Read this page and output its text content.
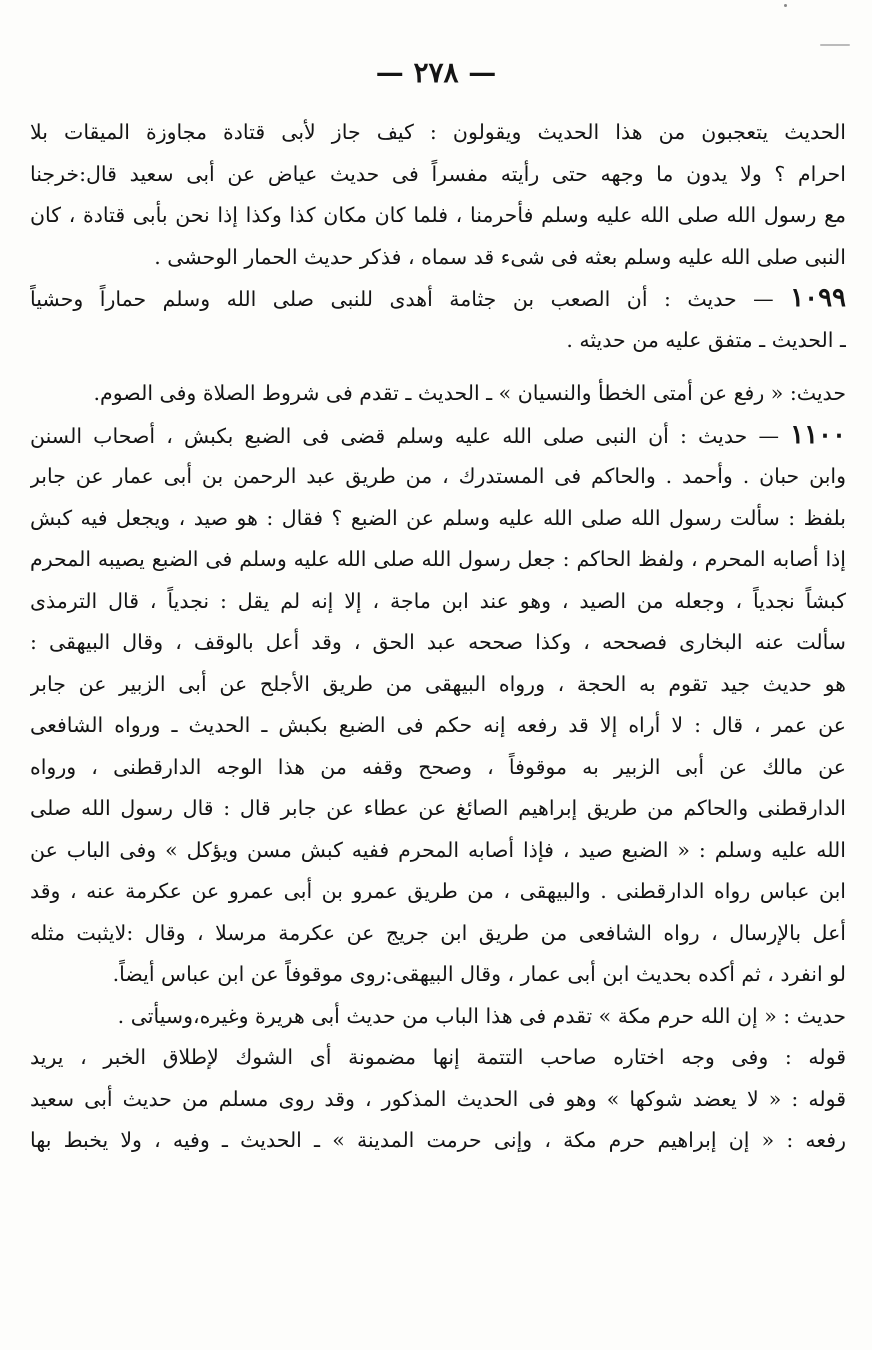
— ٢٧٨ —
الحديث يتعجبون من هذا الحديث ويقولون : كيف جاز لأبى قتادة مجاوزة الميقات بلا
احرام ؟ ولا يدون ما وجهه حتى رأيته مفسراً فى حديث عياض عن أبى سعيد قال:خرجنا
مع رسول الله صلى الله عليه وسلم فأحرمنا ، فلما كان مكان كذا وكذا إذا نحن بأبى قتادة ، كان
النبى صلى الله عليه وسلم بعثه فى شىء قد سماه ، فذكر حديث الحمار الوحشى .
١٠٩٩ — حديث : أن الصعب بن جثامة أهدى للنبى صلى الله وسلم حماراً وحشياً
ـ الحديث ـ متفق عليه من حديثه .
حديث: « رفع عن أمتى الخطأ والنسيان » ـ الحديث ـ تقدم فى شروط الصلاة وفى الصوم.
١١٠٠ — حديث : أن النبى صلى الله عليه وسلم قضى فى الضبع بكبش ، أصحاب السنن
وابن حبان . وأحمد . والحاكم فى المستدرك ، من طريق عبد الرحمن بن أبى عمار عن جابر
بلفظ : سألت رسول الله صلى الله عليه وسلم عن الضبع ؟ فقال : هو صيد ، ويجعل فيه كبش
إذا أصابه المحرم ، ولفظ الحاكم : جعل رسول الله صلى الله عليه وسلم فى الضبع يصيبه المحرم
كبشاً نجدياً ، وجعله من الصيد ، وهو عند ابن ماجة ، إلا إنه لم يقل : نجدياً ، قال الترمذى
سألت عنه البخارى فصححه ، وكذا صححه عبد الحق ، وقد أعل بالوقف ، وقال البيهقى :
هو حديث جيد تقوم به الحجة ، ورواه البيهقى من طريق الأجلح عن أبى الزبير عن جابر
عن عمر ، قال : لا أراه إلا قد رفعه إنه حكم فى الضبع بكبش ـ الحديث ـ ورواه الشافعى
عن مالك عن أبى الزبير به موقوفاً ، وصحح وقفه من هذا الوجه الدارقطنى ، ورواه
الدارقطنى والحاكم من طريق إبراهيم الصائغ عن عطاء عن جابر قال : قال رسول الله صلى
الله عليه وسلم : « الضبع صيد ، فإذا أصابه المحرم ففيه كبش مسن ويؤكل » وفى الباب عن
ابن عباس رواه الدارقطنى . والبيهقى ، من طريق عمرو بن أبى عمرو عن عكرمة عنه ، وقد
أعل بالإرسال ، رواه الشافعى من طريق ابن جريج عن عكرمة مرسلا ، وقال :لايثبت مثله
لو انفرد ، ثم أكده بحديث ابن أبى عمار ، وقال البيهقى:روى موقوفاً عن ابن عباس أيضاً.
حديث : « إن الله حرم مكة » تقدم فى هذا الباب من حديث أبى هريرة وغيره،وسيأتى .
قوله : وفى وجه اختاره صاحب التتمة إنها مضمونة أى الشوك لإطلاق الخبر ، يريد
قوله : « لا يعضد شوكها » وهو فى الحديث المذكور ، وقد روى مسلم من حديث أبى سعيد
رفعه : « إن إبراهيم حرم مكة ، وإنى حرمت المدينة » ـ الحديث ـ وفيه ، ولا يخبط بها
